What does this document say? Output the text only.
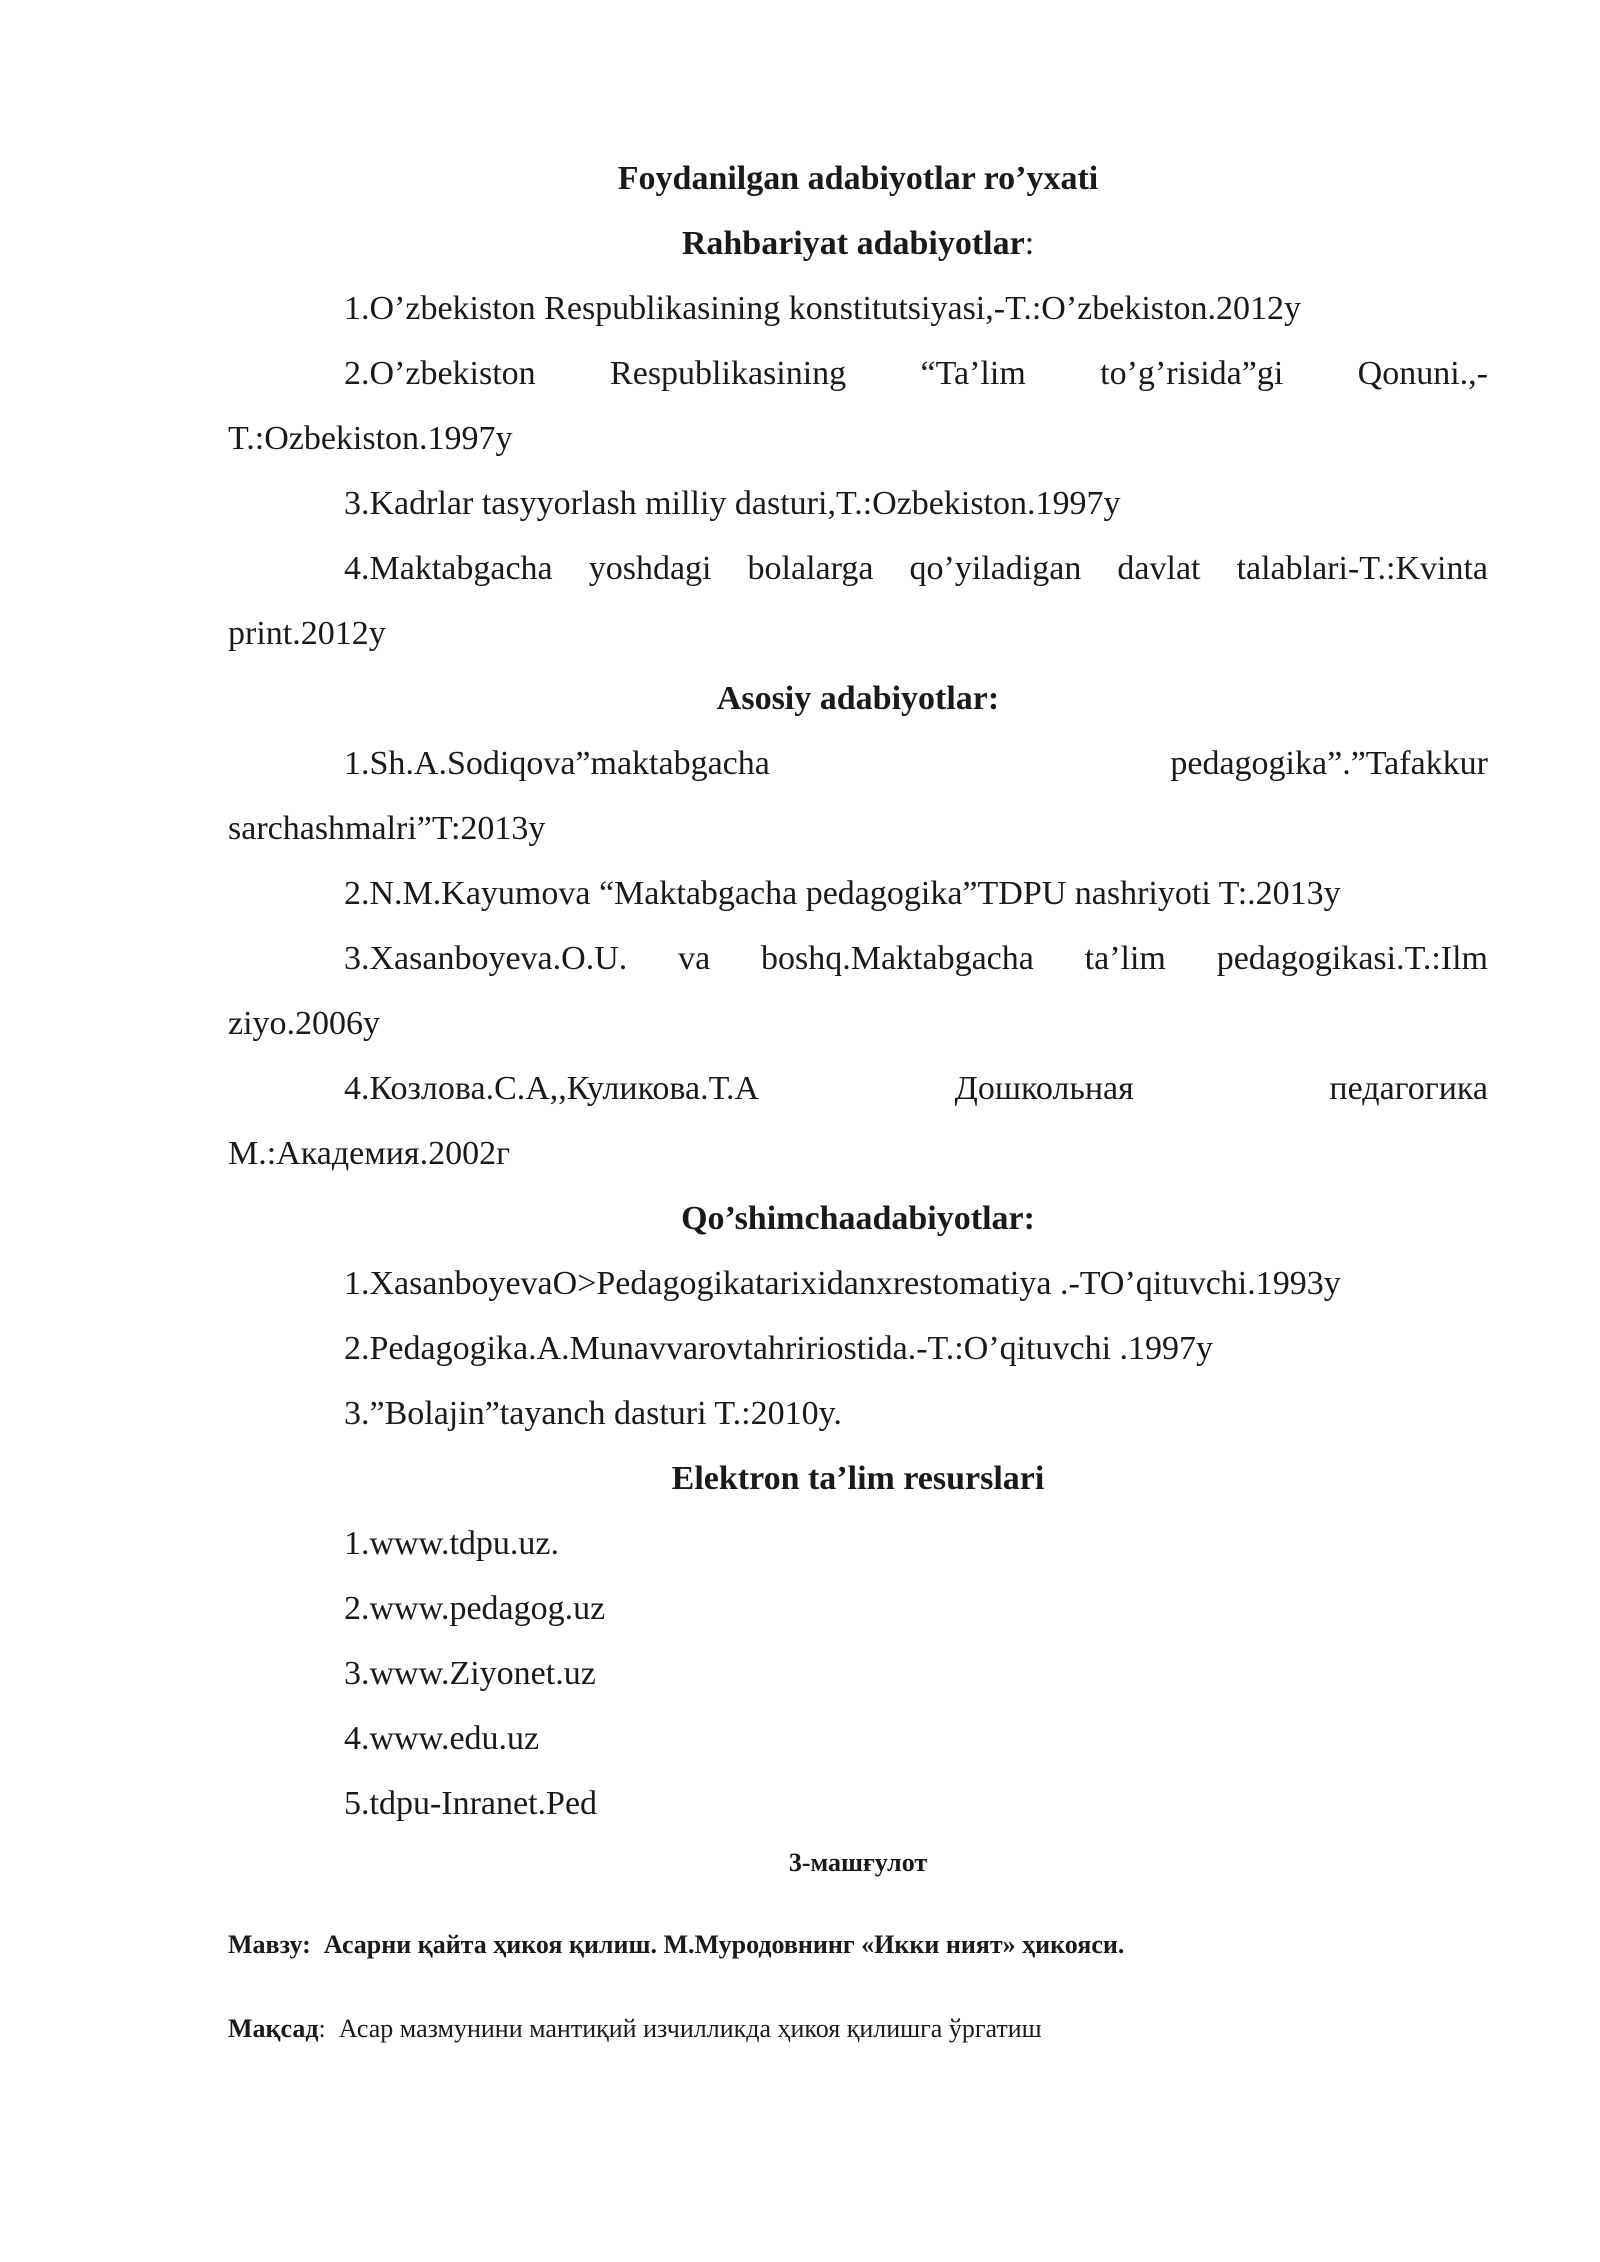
Foydanilgan adabiyotlar ro’yxati
Rahbariyat adabiyotlar:
1.O’zbekiston Respublikasining konstitutsiyasi,-T.:O’zbekiston.2012y
2.O’zbekiston Respublikasining “Ta’lim to’g’risida”gi Qonuni.,-
T.:Ozbekiston.1997y
3.Kadrlar tasyyorlash milliy dasturi,T.:Ozbekiston.1997y
4.Maktabgacha yoshdagi bolalarga qo’yiladigan davlat talablari-T.:Kvinta
print.2012y
Asosiy adabiyotlar:
1.Sh.A.Sodiqova”maktabgacha pedagogika”.”Tafakkur
sarchashmalri”T:2013y
2.N.M.Kayumova “Maktabgacha pedagogika”TDPU nashriyoti T:.2013y
3.Xasanboyeva.O.U. va boshq.Maktabgacha ta’lim pedagogikasi.T.:Ilm
ziyo.2006y
4.Козлова.С.А,,Куликова.Т.А Дошкольная педагогика
М.:Академия.2002г
Qo’shimchaadabiyotlar:
1.XasanboyevaO>Pedagogikatarixidanxrestomatiya .-TO’qituvchi.1993y
2.Pedagogika.A.Munavvarovtahririostida.-T.:O’qituvchi .1997y
3.”Bolajin”tayanch dasturi T.:2010y.
Elektron ta’lim resurslari
1.www.tdpu.uz.
2.www.pedagog.uz
3.www.Ziyonet.uz
4.www.edu.uz
5.tdpu-Inranet.Ped
3-машғулот
Мавзу: Асарни қайта ҳикоя қилиш. М.Муродовнинг «Икки ният» ҳикояси.
Мақсад: Асар мазмунини мантиқий изчилликда ҳикоя қилишга ўргатиш
